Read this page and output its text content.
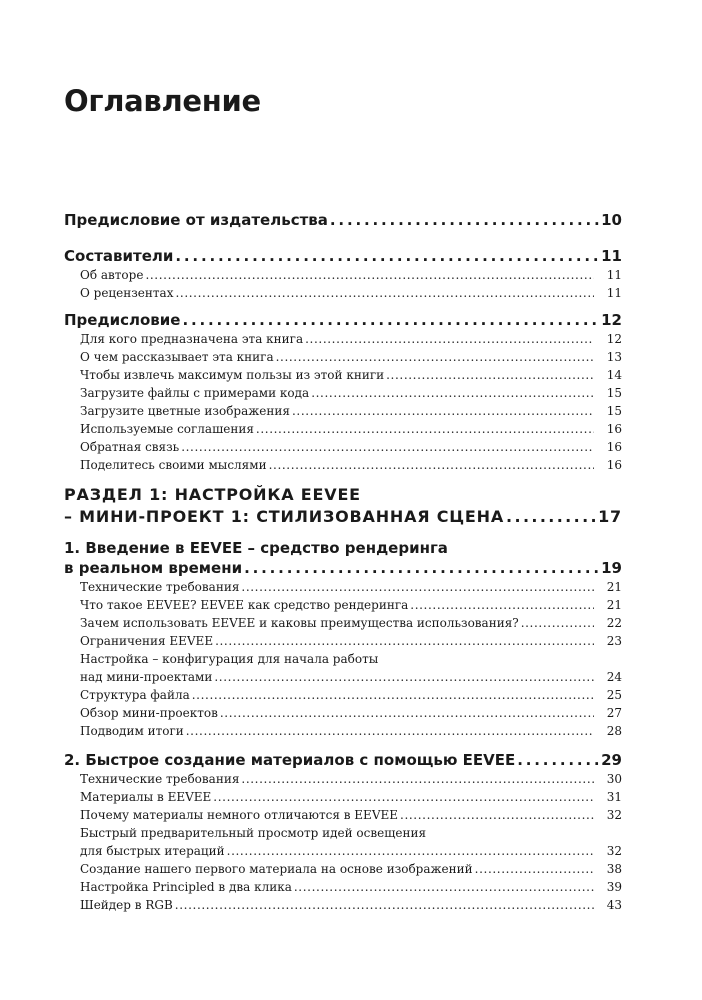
Оглавление
Предисловие от издательства . . .	10
Составители . . .	11
Об авторе . . .	11
О рецензентах . . .	11
Предисловие . . .	12
Для кого предназначена эта книга . . .	12
О чем рассказывает эта книга . . .	13
Чтобы извлечь максимум пользы из этой книги . . .	14
Загрузите файлы с примерами кода . . .	15
Загрузите цветные изображения . . .	15
Используемые соглашения . . .	16
Обратная связь . . .	16
Поделитесь своими мыслями . . .	16
РАЗДЕЛ 1: НАСТРОЙКА EEVEE
– МИНИ-ПРОЕКТ 1: СТИЛИЗОВАННАЯ СЦЕНА . . .	17
1. Введение в EEVEE – средство рендеринга
в реальном времени . . .	19
Технические требования . . .	21
Что такое EEVEE? EEVEE как средство рендеринга . . .	21
Зачем использовать EEVEE и каковы преимущества использования? . . .	22
Ограничения EEVEE . . .	23
Настройка – конфигурация для начала работы
над мини-проектами . . .	24
Структура файла . . .	25
Обзор мини-проектов . . .	27
Подводим итоги . . .	28
2. Быстрое создание материалов с помощью EEVEE . . .	29
Технические требования . . .	30
Материалы в EEVEE . . .	31
Почему материалы немного отличаются в EEVEE . . .	32
Быстрый предварительный просмотр идей освещения
для быстрых итераций . . .	32
Создание нашего первого материала на основе изображений . . .	38
Настройка Principled в два клика . . .	39
Шейдер в RGB . . .	43
